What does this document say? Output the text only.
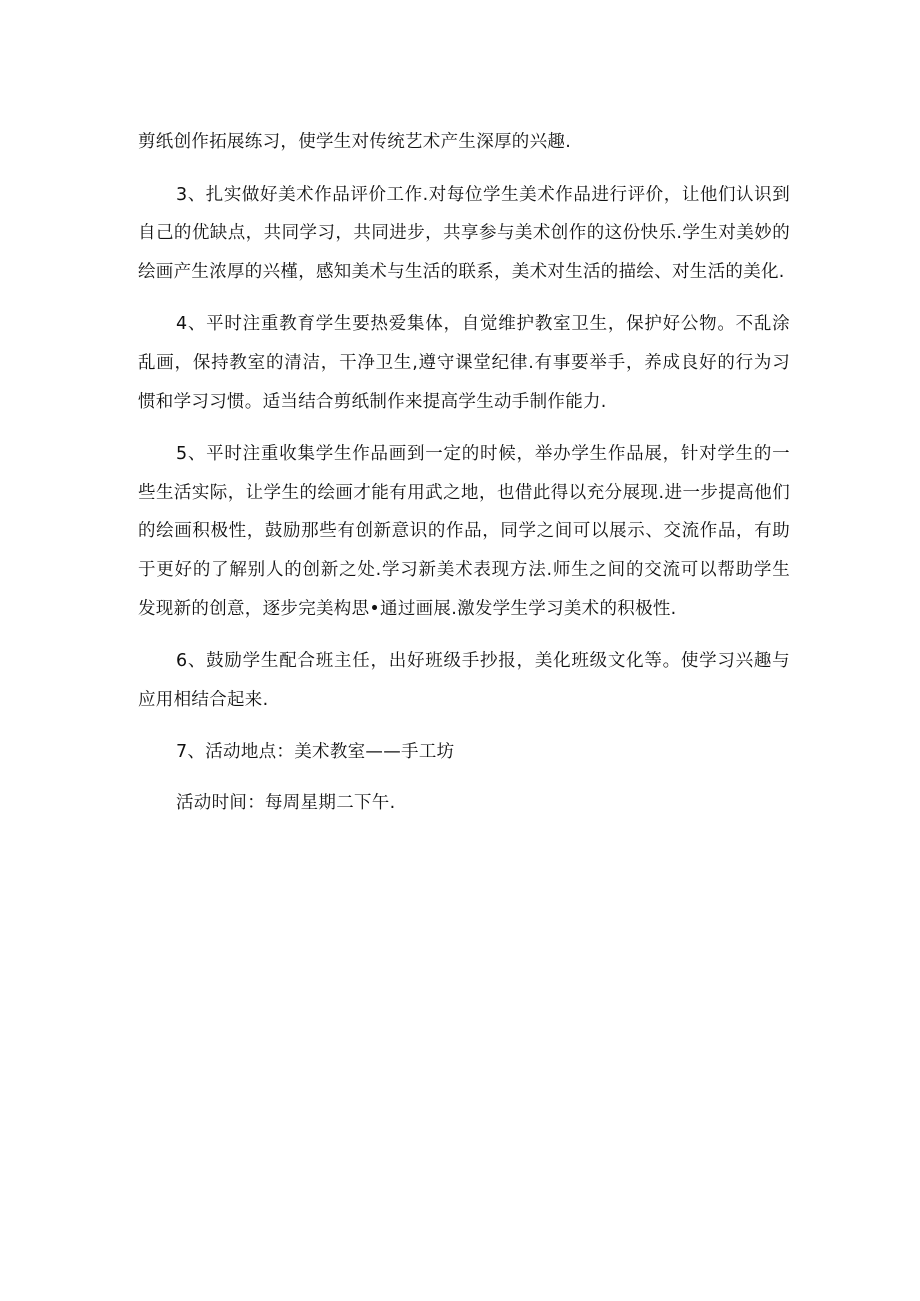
剪纸创作拓展练习，使学生对传统艺术产生深厚的兴趣.

3、扎实做好美术作品评价工作.对每位学生美术作品进行评价，让他们认识到自己的优缺点，共同学习，共同进步，共享参与美术创作的这份快乐.学生对美妙的绘画产生浓厚的兴槿，感知美术与生活的联系，美术对生活的描绘、对生活的美化.

4、平时注重教育学生要热爱集体，自觉维护教室卫生，保护好公物。不乱涂乱画，保持教室的清洁，干净卫生,遵守课堂纪律.有事要举手，养成良好的行为习惯和学习习惯。适当结合剪纸制作来提高学生动手制作能力.

5、平时注重收集学生作品画到一定的时候，举办学生作品展，针对学生的一些生活实际，让学生的绘画才能有用武之地，也借此得以充分展现.进一步提高他们的绘画积极性，鼓励那些有创新意识的作品，同学之间可以展示、交流作品，有助于更好的了解别人的创新之处.学习新美术表现方法.师生之间的交流可以帮助学生发现新的创意，逐步完美构思•通过画展.激发学生学习美术的积极性.

6、鼓励学生配合班主任，出好班级手抄报，美化班级文化等。使学习兴趣与应用相结合起来.

7、活动地点：美术教室——手工坊

活动时间：每周星期二下午.
